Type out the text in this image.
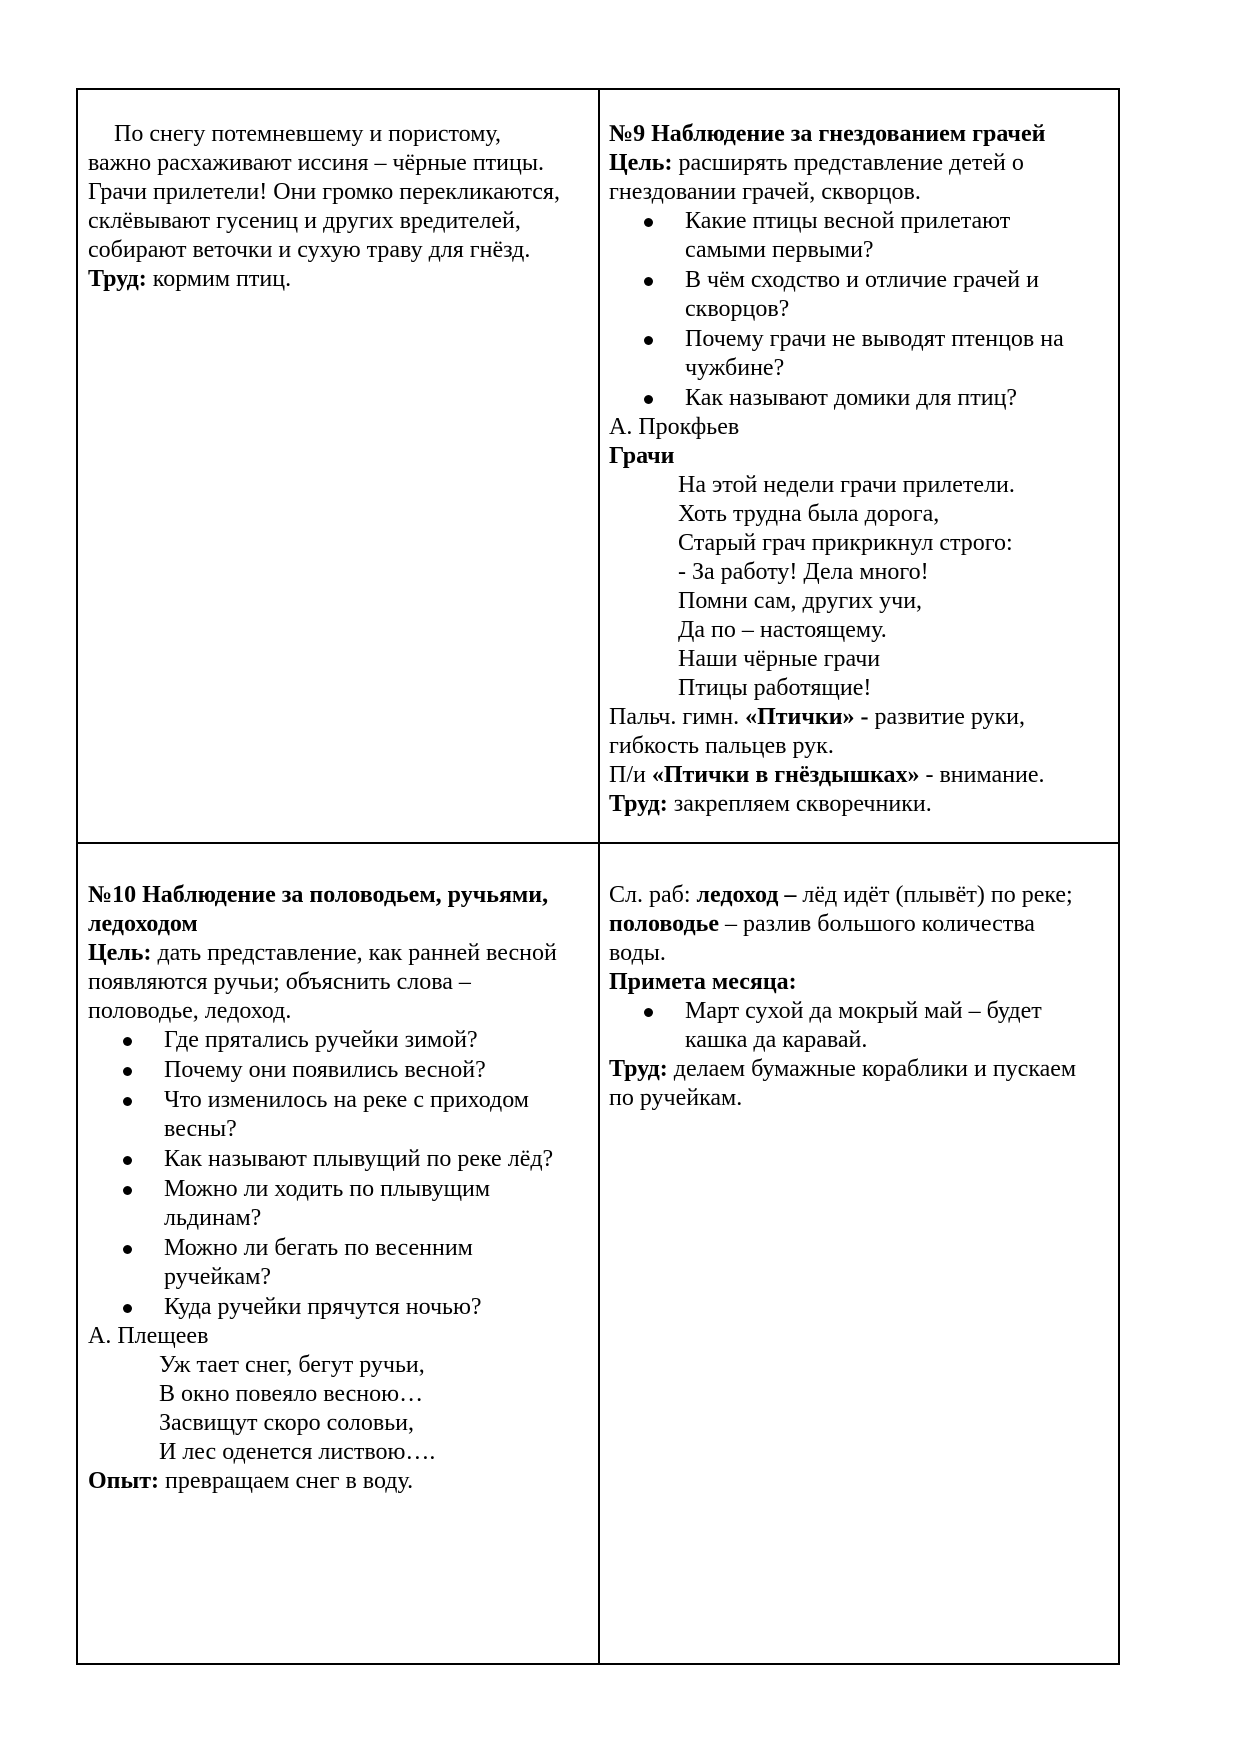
По снегу потемневшему и пористому,

важно расхаживают иссиня – чёрные птицы.

Грачи прилетели! Они громко перекликаются,

склёвывают гусениц и других вредителей,

собирают веточки и сухую траву для гнёзд.

Труд: кормим птиц.

№9 Наблюдение за гнездованием грачей

Цель: расширять представление детей о

гнездовании грачей, скворцов.

Какие птицы весной прилетают
самыми первыми?
В чём сходство и отличие грачей и
скворцов?
Почему грачи не выводят птенцов на
чужбине?
Как называют домики для птиц?

А. Прокфьев

Грачи

На этой недели грачи прилетели.

Хоть трудна была дорога,

Старый грач прикрикнул строго:

- За работу! Дела много!

Помни сам, других учи,

Да по – настоящему.

Наши чёрные грачи

Птицы работящие!

Пальч. гимн. «Птички» - развитие руки,

гибкость пальцев рук.

П/и «Птички в гнёздышках» - внимание.

Труд: закрепляем скворечники.

№10 Наблюдение за половодьем, ручьями,

ледоходом

Цель: дать представление, как ранней весной

появляются ручьи; объяснить слова –

половодье, ледоход.

Где прятались ручейки зимой?
Почему они появились весной?
Что изменилось на реке с приходом
весны?
Как называют плывущий по реке лёд?
Можно ли ходить по плывущим
льдинам?
Можно ли бегать по весенним
ручейкам?
Куда ручейки прячутся ночью?

А. Плещеев

Уж тает снег, бегут ручьи,

В окно повеяло весною…

Засвищут скоро соловьи,

И лес оденется листвою….

Опыт: превращаем снег в воду.

Сл. раб: ледоход – лёд идёт (плывёт) по реке;

половодье – разлив большого количества

воды.

Примета месяца:

Март сухой да мокрый май – будет
кашка да каравай.

Труд: делаем бумажные кораблики и пускаем

по ручейкам.
